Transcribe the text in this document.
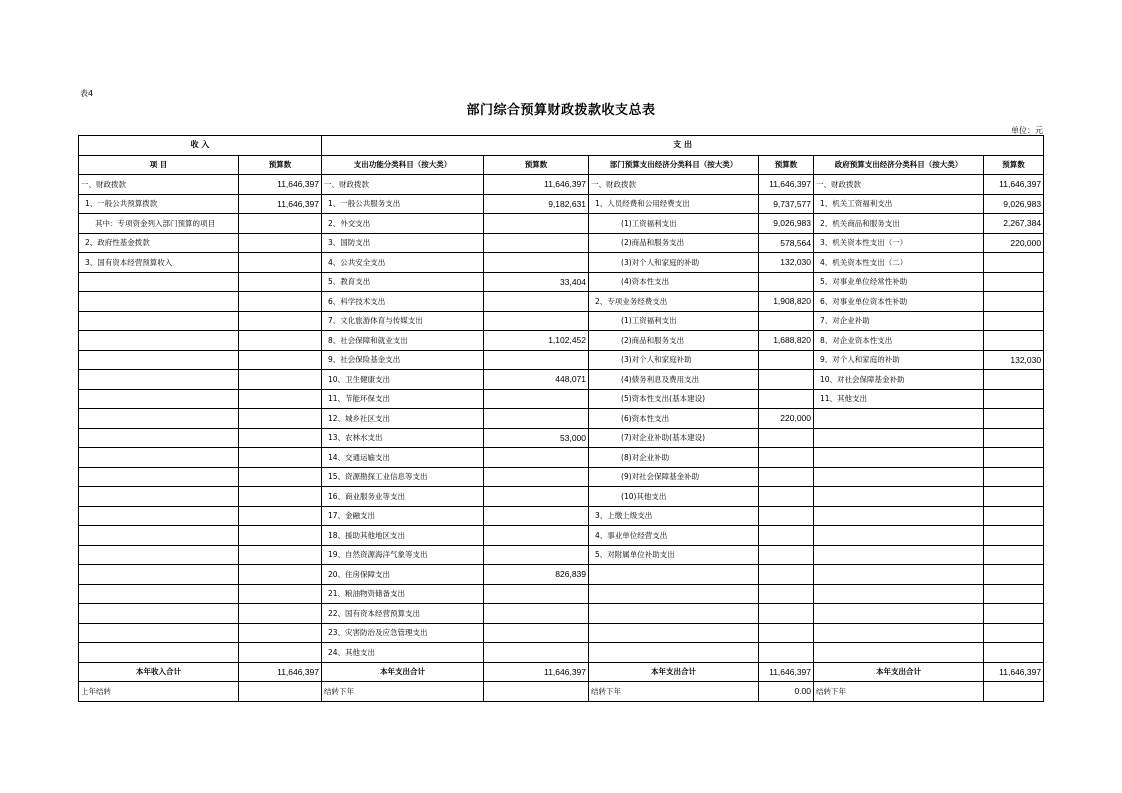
表4
部门综合预算财政拨款收支总表
单位：元
收 入		支 出					
项 目	预算数	支出功能分类科目（按大类）	预算数	部门预算支出经济分类科目（按大类）	预算数	政府预算支出经济分类科目（按大类）	预算数
一、财政拨款	11,646,397	一、财政拨款	11,646,397	一、财政拨款	11,646,397	一、财政拨款	11,646,397
1、一般公共预算拨款	11,646,397	1、一般公共服务支出	9,182,631	1、人员经费和公用经费支出	9,737,577	1、机关工资福利支出	9,026,983
其中：专项资金列入部门预算的项目		2、外交支出		(1)工资福利支出	9,026,983	2、机关商品和服务支出	2,267,384
2、政府性基金拨款		3、国防支出		(2)商品和服务支出	578,564	3、机关资本性支出（一）	220,000
3、国有资本经营预算收入		4、公共安全支出		(3)对个人和家庭的补助	132,030	4、机关资本性支出（二）	
		5、教育支出	33,404	(4)资本性支出		5、对事业单位经常性补助	
		6、科学技术支出		2、专项业务经费支出	1,908,820	6、对事业单位资本性补助	
		7、文化旅游体育与传媒支出		(1)工资福利支出		7、对企业补助	
		8、社会保障和就业支出	1,102,452	(2)商品和服务支出	1,688,820	8、对企业资本性支出	
		9、社会保险基金支出		(3)对个人和家庭补助		9、对个人和家庭的补助	132,030
		10、卫生健康支出	448,071	(4)债务利息及费用支出		10、对社会保障基金补助	
		11、节能环保支出		(5)资本性支出(基本建设)		11、其他支出	
		12、城乡社区支出		(6)资本性支出	220,000		
		13、农林水支出	53,000	(7)对企业补助(基本建设)			
		14、交通运输支出		(8)对企业补助			
		15、资源勘探工业信息等支出		(9)对社会保障基金补助			
		16、商业服务业等支出		(10)其他支出			
		17、金融支出		3、上缴上级支出			
		18、援助其他地区支出		4、事业单位经营支出			
		19、自然资源海洋气象等支出		5、对附属单位补助支出			
		20、住房保障支出	826,839				
		21、粮油物资储备支出					
		22、国有资本经营预算支出					
		23、灾害防治及应急管理支出					
		24、其他支出					
本年收入合计	11,646,397	本年支出合计	11,646,397	本年支出合计	11,646,397	本年支出合计	11,646,397
上年结转		结转下年		结转下年	0.00	结转下年	
